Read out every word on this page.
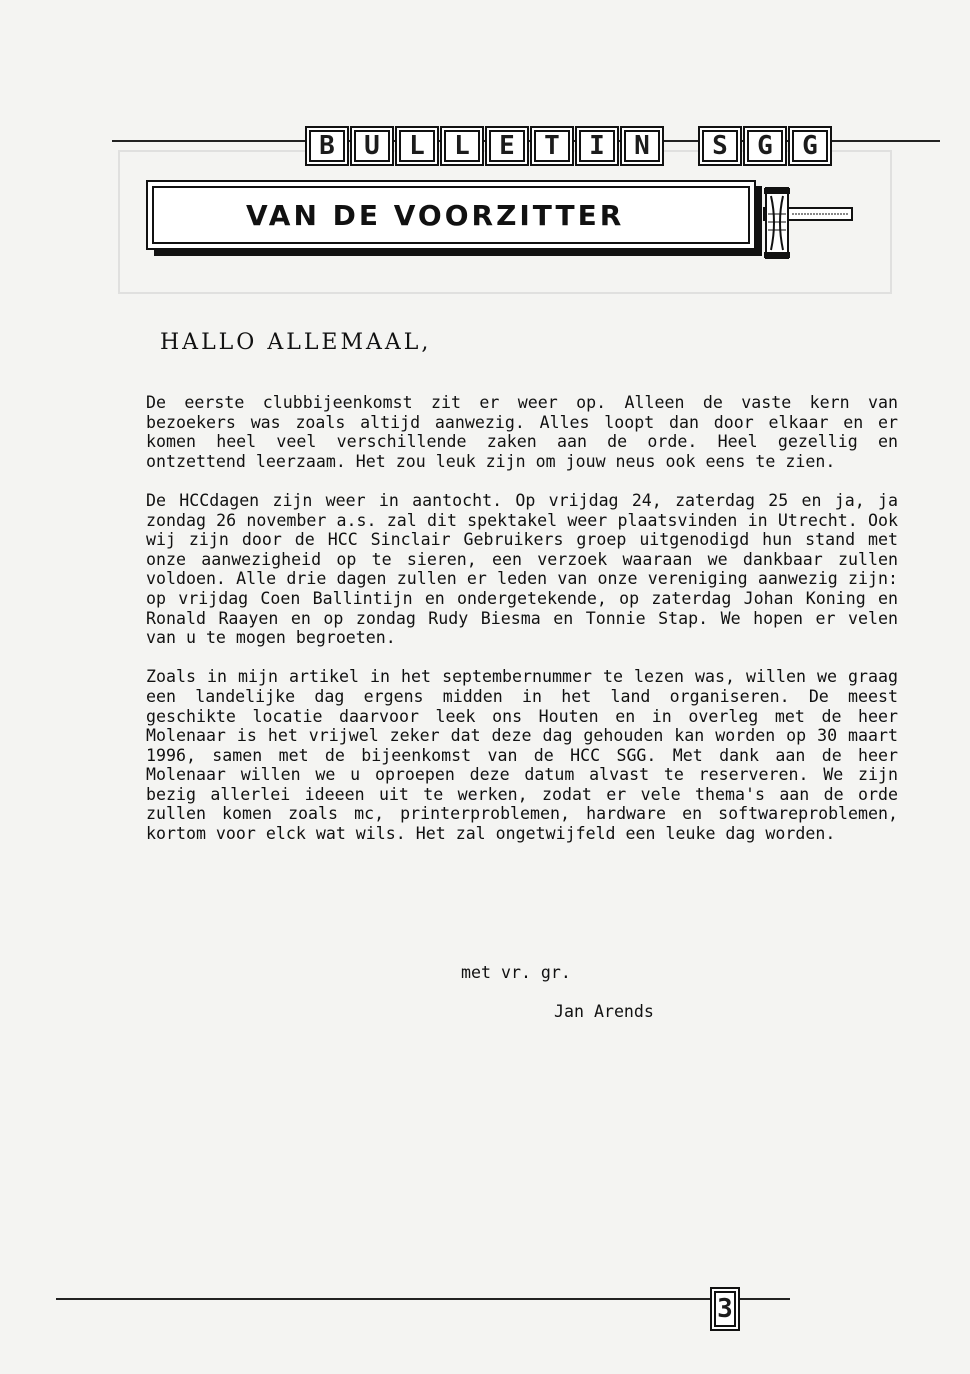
B	U	L	L	E	T	I	N	S	G	G
VAN DE VOORZITTER
HALLO ALLEMAAL,

De eerste clubbijeenkomst zit er weer op. Alleen de vaste kern van bezoekers was zoals altijd aanwezig. Alles loopt dan door elkaar en er komen heel veel verschillende zaken aan de orde. Heel gezellig en ontzettend leerzaam. Het zou leuk zijn om jouw neus ook eens te zien.

De HCCdagen zijn weer in aantocht. Op vrijdag 24, zaterdag 25 en ja, ja zondag 26 november a.s. zal dit spektakel weer plaatsvinden in Utrecht. Ook wij zijn door de HCC Sinclair Gebruikers groep uitgenodigd hun stand met onze aanwezigheid op te sieren, een verzoek waaraan we dankbaar zullen voldoen. Alle drie dagen zullen er leden van onze vereniging aanwezig zijn: op vrijdag Coen Ballintijn en ondergetekende, op zaterdag Johan Koning en Ronald Raayen en op zondag Rudy Biesma en Tonnie Stap. We hopen er velen van u te mogen begroeten.

Zoals in mijn artikel in het septembernummer te lezen was, willen we graag een landelijke dag ergens midden in het land organiseren. De meest geschikte locatie daarvoor leek ons Houten en in overleg met de heer Molenaar is het vrijwel zeker dat deze dag gehouden kan worden op 30 maart 1996, samen met de bijeenkomst van de HCC SGG. Met dank aan de heer Molenaar willen we u oproepen deze datum alvast te reserveren. We zijn bezig allerlei ideeen uit te werken, zodat er vele thema's aan de orde zullen komen zoals mc, printerproblemen, hardware en softwareproblemen, kortom voor elck wat wils. Het zal ongetwijfeld een leuke dag worden.

met vr. gr.
Jan Arends
3
